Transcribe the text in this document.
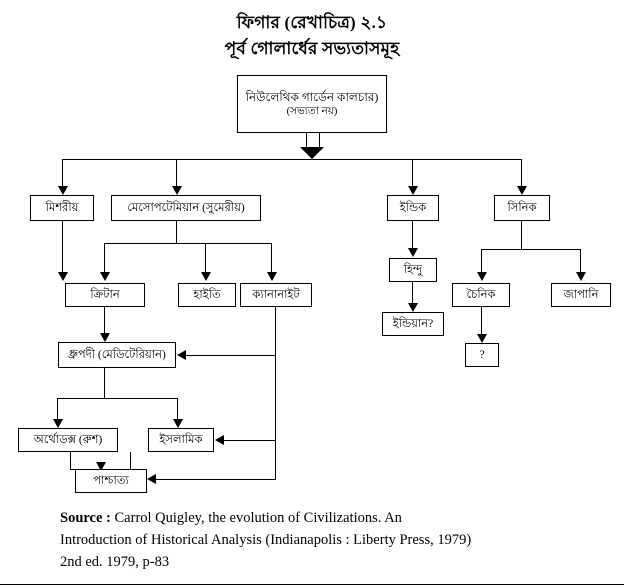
ফিগার (রেখাচিত্র) ২.১
পূর্ব গোলার্ধের সভ্যতাসমূহ
নিউলেথিক গার্ডেন কালচার)
(সভ্যতা নয়)
মিশরীয়	মেসোপটেমিয়ান (সুমেরীয়)	ইন্ডিক	সিনিক
ক্রিটান	হাইতি	ক্যানানাইট
হিন্দু
ইন্ডিয়ান?
চৈনিক	জাপানি
?
ধ্রুপদী (মেডিটেরিয়ান)
অর্থোডক্স (রুশ)	ইসলামিক
পাশ্চাত্য
Source : Carrol Quigley, the evolution of Civilizations. An
Introduction of Historical Analysis (Indianapolis : Liberty Press, 1979)
2nd ed. 1979, p-83
